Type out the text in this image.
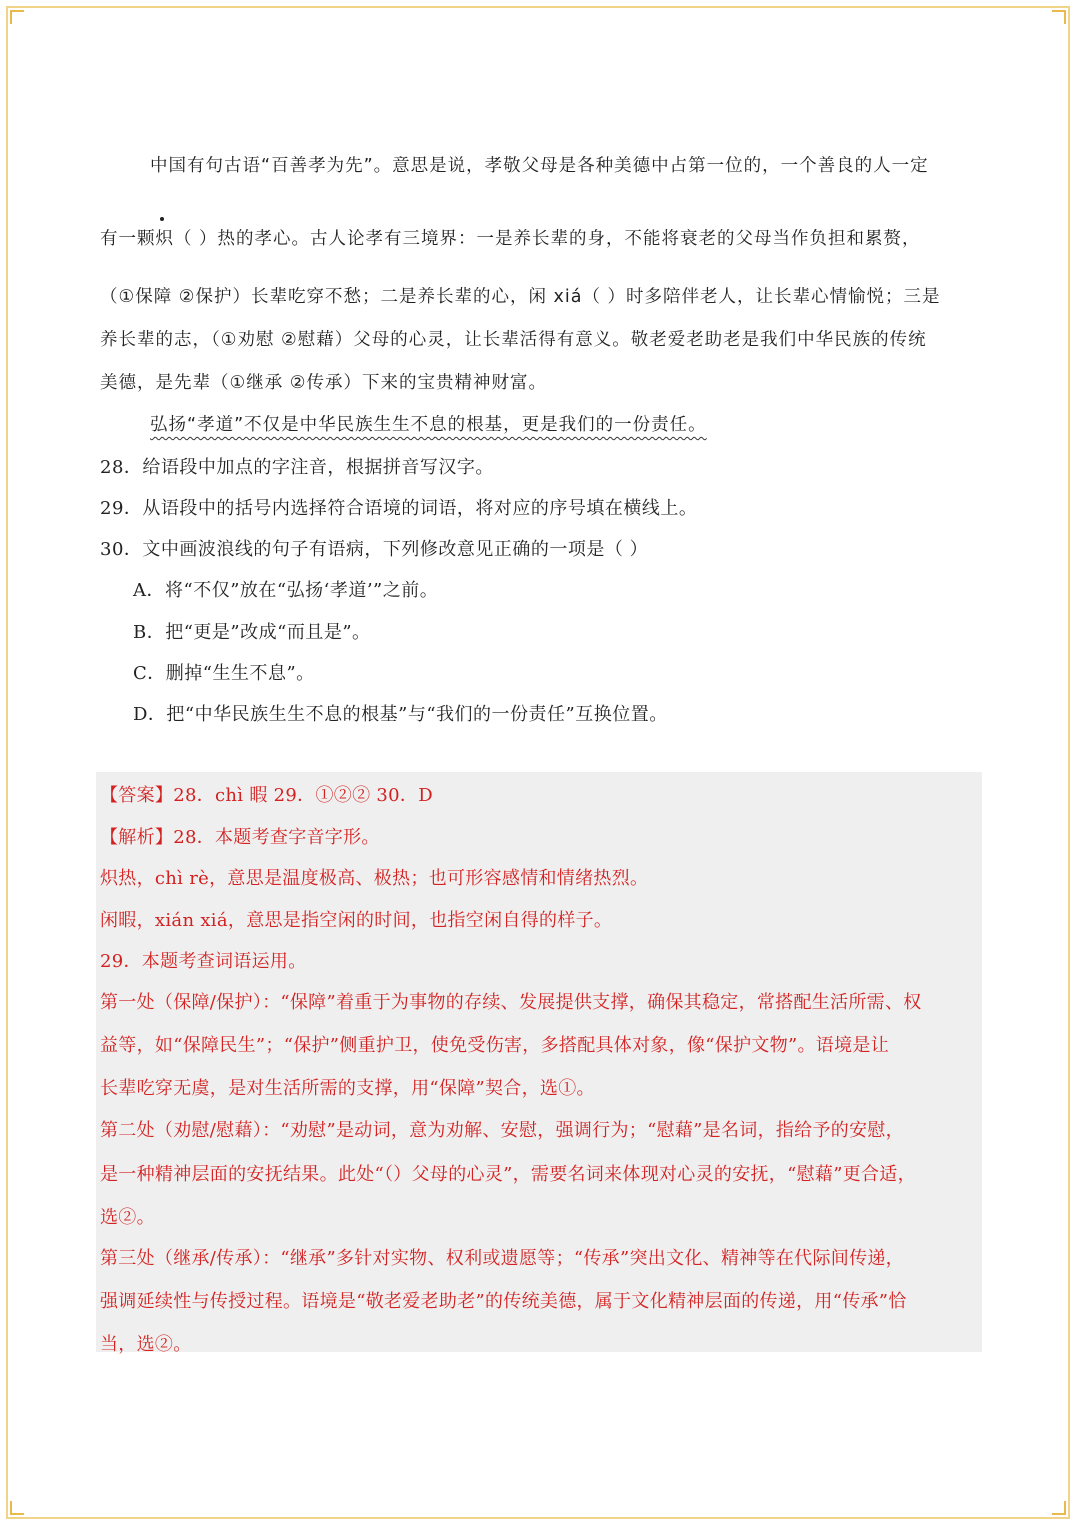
中国有句古语“百善孝为先”。意思是说，孝敬父母是各种美德中占第一位的，一个善良的人一定
有一颗炽（ ）热的孝心。古人论孝有三境界：一是养长辈的身，不能将衰老的父母当作负担和累赘，
（①保障 ②保护）长辈吃穿不愁；二是养长辈的心，闲 xiá（ ）时多陪伴老人，让长辈心情愉悦；三是
养长辈的志，（①劝慰 ②慰藉）父母的心灵，让长辈活得有意义。敬老爱老助老是我们中华民族的传统
美德，是先辈（①继承 ②传承）下来的宝贵精神财富。
弘扬“孝道”不仅是中华民族生生不息的根基，更是我们的一份责任。
28．给语段中加点的字注音，根据拼音写汉字。
29．从语段中的括号内选择符合语境的词语，将对应的序号填在横线上。
30．文中画波浪线的句子有语病，下列修改意见正确的一项是（ ）
A．将“不仅”放在“弘扬‘孝道’”之前。
B．把“更是”改成“而且是”。
C．删掉“生生不息”。
D．把“中华民族生生不息的根基”与“我们的一份责任”互换位置。
【答案】28．chì 暇 29．①②② 30．D
【解析】28．本题考查字音字形。
炽热，chì rè，意思是温度极高、极热；也可形容感情和情绪热烈。
闲暇，xián xiá，意思是指空闲的时间，也指空闲自得的样子。
29．本题考查词语运用。
第一处（保障/保护）：“保障”着重于为事物的存续、发展提供支撑，确保其稳定，常搭配生活所需、权
益等，如“保障民生”；“保护”侧重护卫，使免受伤害，多搭配具体对象，像“保护文物”。语境是让
长辈吃穿无虞，是对生活所需的支撑，用“保障”契合，选①。
第二处（劝慰/慰藉）：“劝慰”是动词，意为劝解、安慰，强调行为；“慰藉”是名词，指给予的安慰，
是一种精神层面的安抚结果。此处“（）父母的心灵”，需要名词来体现对心灵的安抚，“慰藉”更合适，
选②。
第三处（继承/传承）：“继承”多针对实物、权利或遗愿等；“传承”突出文化、精神等在代际间传递，
强调延续性与传授过程。语境是“敬老爱老助老”的传统美德，属于文化精神层面的传递，用“传承”恰
当，选②。
